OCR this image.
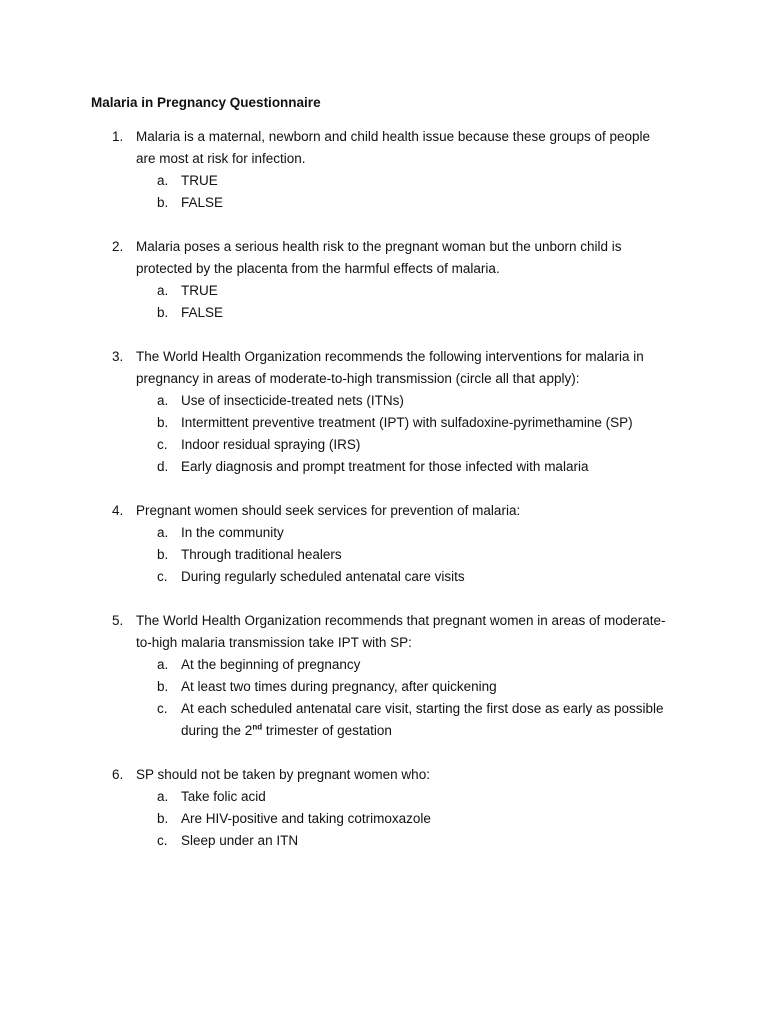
Malaria in Pregnancy Questionnaire
1. Malaria is a maternal, newborn and child health issue because these groups of people are most at risk for infection.
a. TRUE
b. FALSE
2. Malaria poses a serious health risk to the pregnant woman but the unborn child is protected by the placenta from the harmful effects of malaria.
a. TRUE
b. FALSE
3. The World Health Organization recommends the following interventions for malaria in pregnancy in areas of moderate-to-high transmission (circle all that apply):
a. Use of insecticide-treated nets (ITNs)
b. Intermittent preventive treatment (IPT) with sulfadoxine-pyrimethamine (SP)
c. Indoor residual spraying (IRS)
d. Early diagnosis and prompt treatment for those infected with malaria
4. Pregnant women should seek services for prevention of malaria:
a. In the community
b. Through traditional healers
c. During regularly scheduled antenatal care visits
5. The World Health Organization recommends that pregnant women in areas of moderate-to-high malaria transmission take IPT with SP:
a. At the beginning of pregnancy
b. At least two times during pregnancy, after quickening
c. At each scheduled antenatal care visit, starting the first dose as early as possible during the 2nd trimester of gestation
6. SP should not be taken by pregnant women who:
a. Take folic acid
b. Are HIV-positive and taking cotrimoxazole
c. Sleep under an ITN
